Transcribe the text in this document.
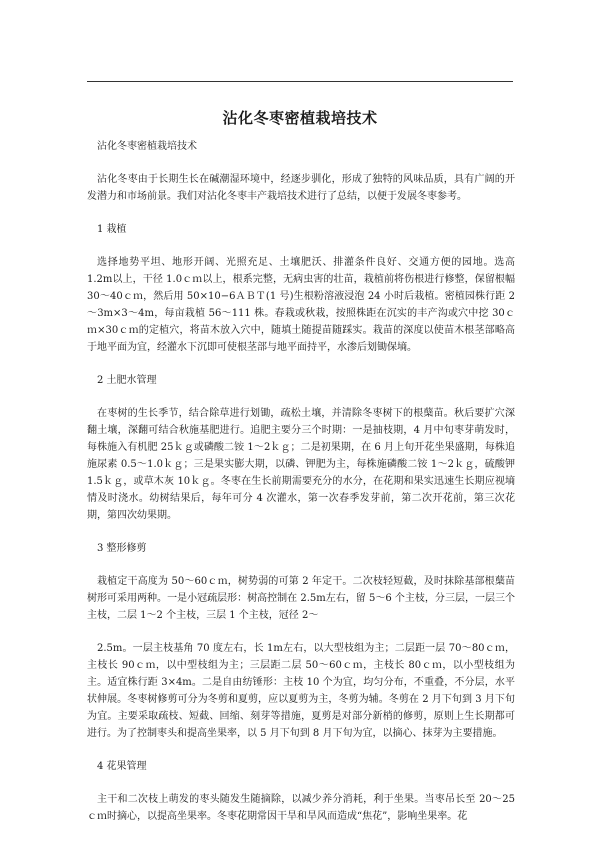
沾化冬枣密植栽培技术

沾化冬枣密植栽培技术

沾化冬枣由于长期生长在碱潮湿环境中，经逐步驯化，形成了独特的风味品质，具有广阔的开发潜力和市场前景。我们对沾化冬枣丰产栽培技术进行了总结，以便于发展冬枣参考。

1 栽植

选择地势平坦、地形开阔、光照充足、土壤肥沃、排灌条件良好、交通方便的园地。选高 1.2m以上，干径 1.0ｃｍ以上，根系完整，无病虫害的壮苗，栽植前将伤根进行修整，保留根幅 30～40ｃｍ，然后用 50×10−6ＡＢＴ(1 号)生根粉溶液浸泡 24 小时后栽植。密植园株行距 2～3m×3～4m，每亩栽植 56～111 株。春栽或秋栽，按照株距在沉实的丰产沟或穴中挖 30ｃｍ×30ｃｍ的定植穴，将苗木放入穴中，随填土随提苗随踩实。栽苗的深度以使苗木根茎部略高于地平面为宜，经灌水下沉即可使根茎部与地平面持平，水渗后划锄保墒。

2 土肥水管理

在枣树的生长季节，结合除草进行划锄，疏松土壤，并清除冬枣树下的根蘖苗。秋后要扩穴深翻土壤，深翻可结合秋施基肥进行。追肥主要分三个时期：一是抽枝期，4 月中旬枣芽萌发时，每株施入有机肥 25ｋｇ或磷酸二铵 1～2ｋｇ；二是初果期，在 6 月上旬开花坐果盛期，每株追施尿素 0.5～1.0ｋｇ；三是果实膨大期，以磷、钾肥为主，每株施磷酸二铵 1～2ｋｇ，硫酸钾 1.5ｋｇ，或草木灰 10ｋｇ。冬枣在生长前期需要充分的水分，在花期和果实迅速生长期应视墒情及时浇水。幼树结果后，每年可分 4 次灌水，第一次春季发芽前，第二次开花前，第三次花期，第四次幼果期。

3 整形修剪

栽植定干高度为 50～60ｃｍ，树势弱的可第 2 年定干。二次枝轻短截，及时抹除基部根蘖苗树形可采用两种。一是小冠疏层形：树高控制在 2.5m左右，留 5～6 个主枝，分三层，一层三个主枝，二层 1～2 个主枝，三层 1 个主枝，冠径 2～

2.5m。一层主枝基角 70 度左右，长 1m左右，以大型枝组为主；二层距一层 70～80ｃｍ，主枝长 90ｃｍ，以中型枝组为主；三层距二层 50～60ｃｍ，主枝长 80ｃｍ，以小型枝组为主。适宜株行距 3×4m。二是自由纺锤形：主枝 10 个为宜，均匀分布，不重叠，不分层，水平状伸展。冬枣树修剪可分为冬剪和夏剪，应以夏剪为主，冬剪为辅。冬剪在 2 月下旬到 3 月下旬为宜。主要采取疏枝、短截、回缩、刻芽等措施，夏剪是对部分新梢的修剪，原则上生长期都可进行。为了控制枣头和提高坐果率，以 5 月下旬到 8 月下旬为宜，以摘心、抹芽为主要措施。

4 花果管理

主干和二次枝上萌发的枣头随发生随摘除，以减少养分消耗，利于坐果。当枣吊长至 20～25ｃｍ时摘心，以提高坐果率。冬枣花期常因干旱和旱风而造成“焦花”，影响坐果率。花
